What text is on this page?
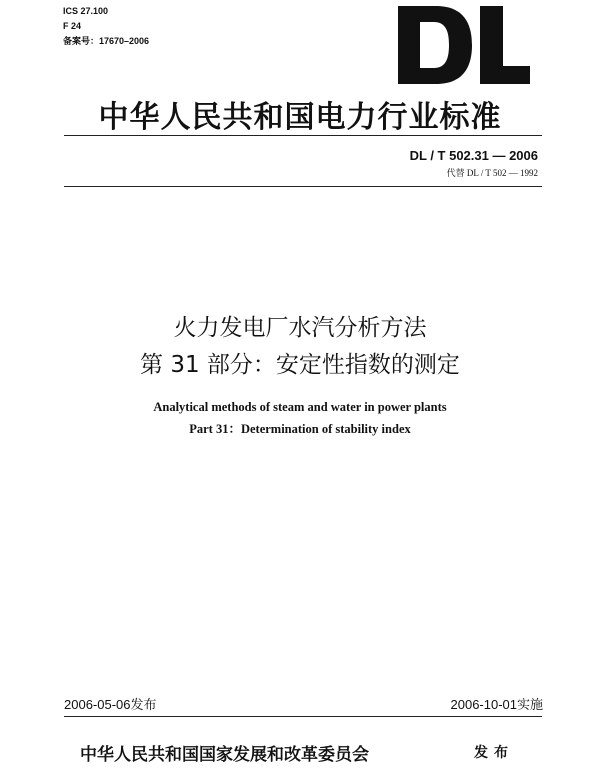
ICS 27.100
F 24
备案号：17670–2006
中华人民共和国电力行业标准
DL / T 502.31 — 2006
代替 DL / T 502 — 1992
火力发电厂水汽分析方法
第 31 部分：安定性指数的测定
Analytical methods of steam and water in power plants
Part 31：Determination of stability index
2006-05-06发布	2006-10-01实施
中华人民共和国国家发展和改革委员会	发布
